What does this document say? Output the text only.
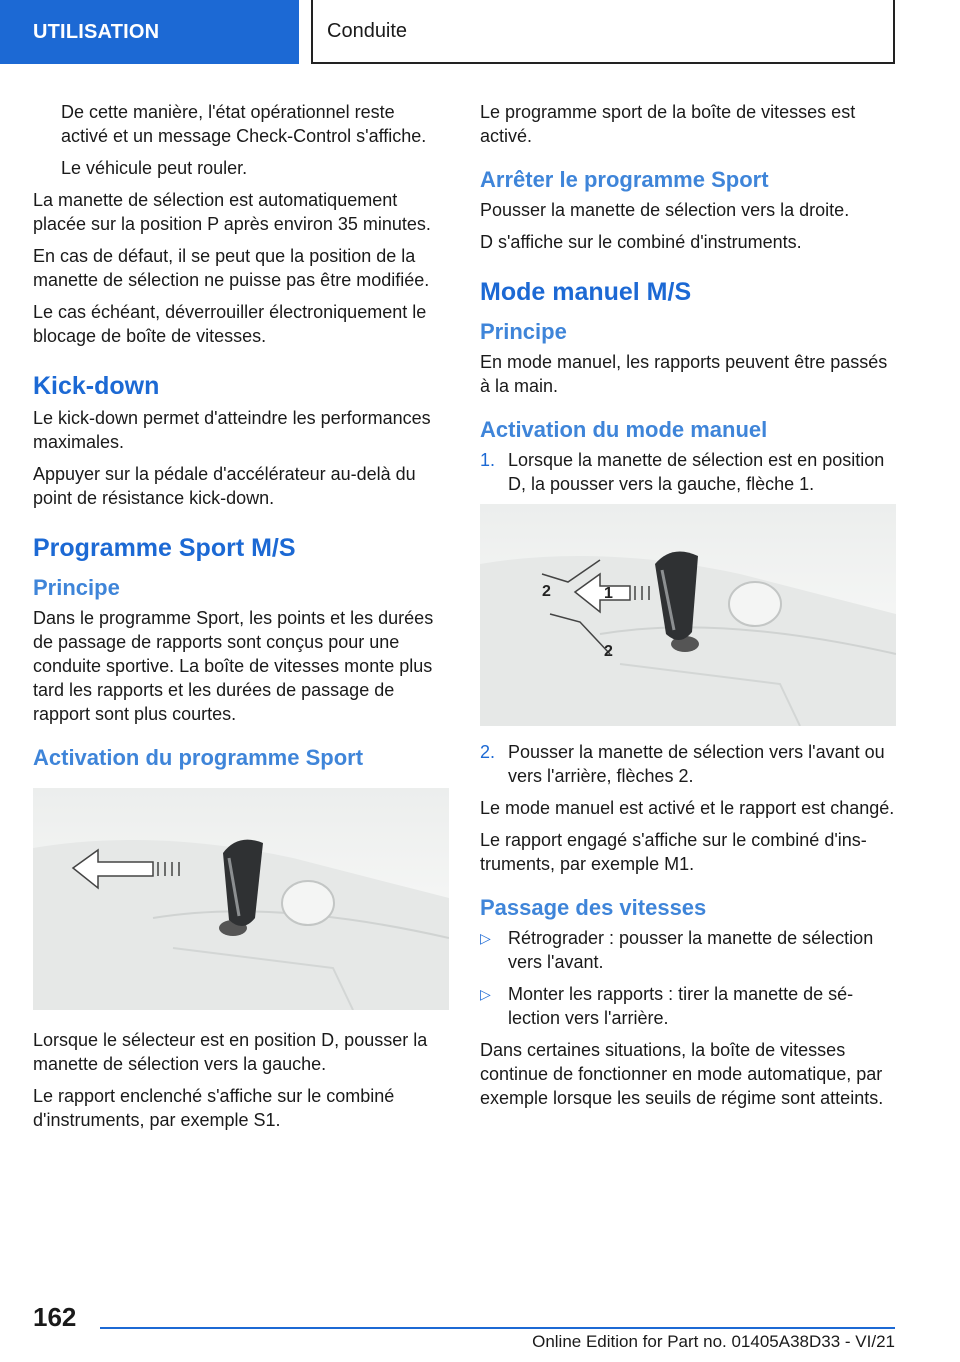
UTILISATION	Conduite

De cette manière, l'état opérationnel reste activé et un message Check-Control s'affiche.

Le véhicule peut rouler.

La manette de sélection est automatiquement placée sur la position P après environ 35 minutes.

En cas de défaut, il se peut que la position de la manette de sélection ne puisse pas être modifiée.

Le cas échéant, déverrouiller électroniquement le blocage de boîte de vitesses.

Kick-down

Le kick-down permet d'atteindre les performances maximales.

Appuyer sur la pédale d'accélérateur au-delà du point de résistance kick-down.

Programme Sport M/S
Principe

Dans le programme Sport, les points et les durées de passage de rapports sont conçus pour une conduite sportive. La boîte de vitesses monte plus tard les rapports et les durées de passage de rapport sont plus courtes.

Activation du programme Sport

Lorsque le sélecteur est en position D, pousser la manette de sélection vers la gauche.

Le rapport enclenché s'affiche sur le combiné d'instruments, par exemple S1.

Le programme sport de la boîte de vitesses est activé.

Arrêter le programme Sport

Pousser la manette de sélection vers la droite.

D s'affiche sur le combiné d'instruments.

Mode manuel M/S
Principe

En mode manuel, les rapports peuvent être passés à la main.

Activation du mode manuel
1. Lorsque la manette de sélection est en position D, la pousser vers la gauche, flèche 1.
1
2
2
2. Pousser la manette de sélection vers l'avant ou vers l'arrière, flèches 2.

Le mode manuel est activé et le rapport est changé.

Le rapport engagé s'affiche sur le combiné d'instruments, par exemple M1.

Passage des vitesses
▷ Rétrograder : pousser la manette de sélection vers l'avant.
▷ Monter les rapports : tirer la manette de sélection vers l'arrière.

Dans certaines situations, la boîte de vitesses continue de fonctionner en mode automatique, par exemple lorsque les seuils de régime sont atteints.

162
Online Edition for Part no. 01405A38D33 - VI/21
